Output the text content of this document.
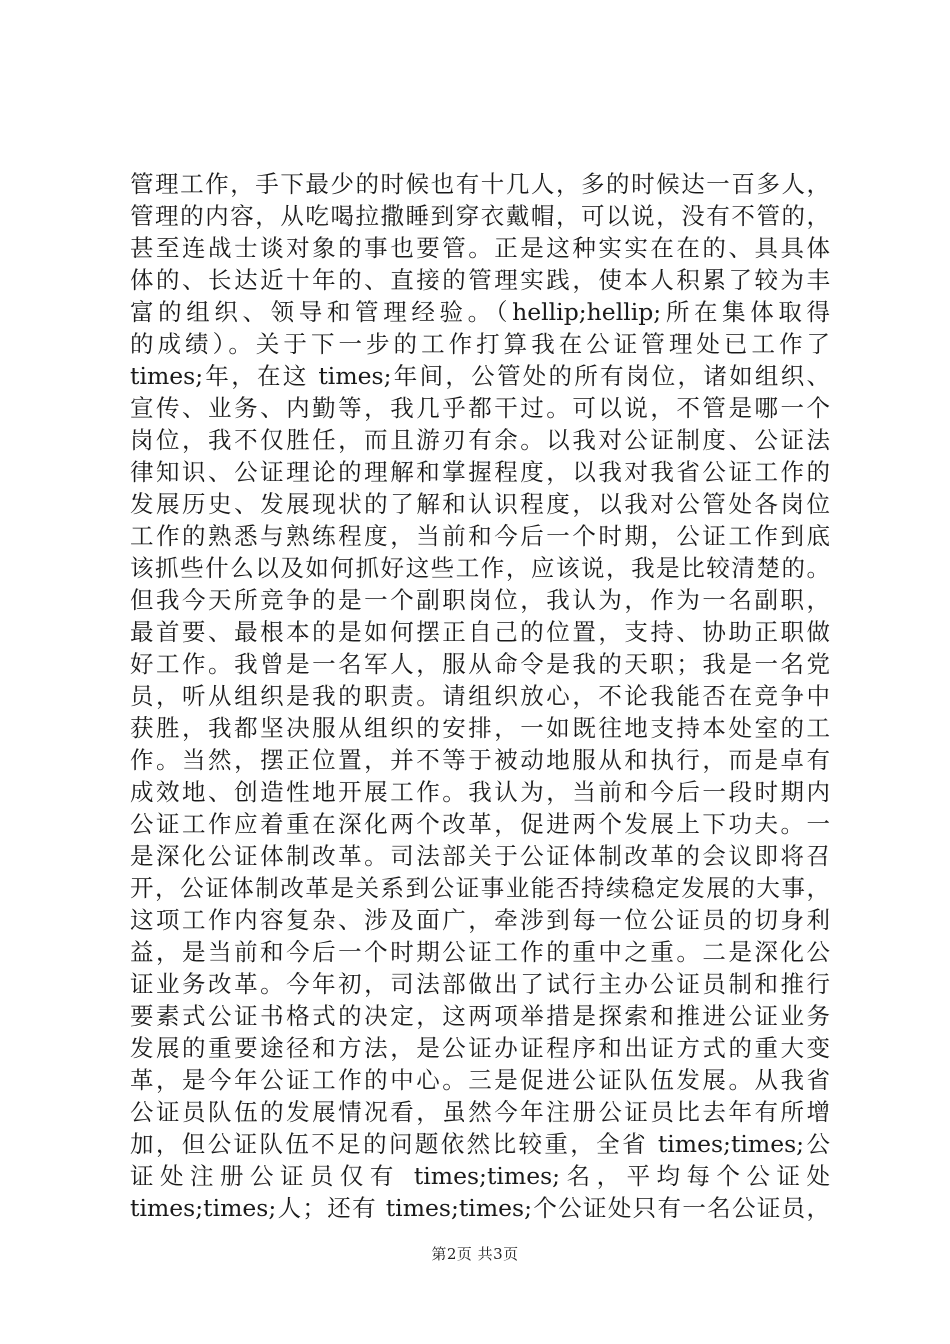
管理工作，手下最少的时候也有十几人，多的时候达一百多人，
管理的内容，从吃喝拉撒睡到穿衣戴帽，可以说，没有不管的，
甚至连战士谈对象的事也要管。正是这种实实在在的、具具体
体的、长达近十年的、直接的管理实践，使本人积累了较为丰
富的组织、领导和管理经验。（hellip;hellip;所在集体取得
的成绩）。关于下一步的工作打算我在公证管理处已工作了
times;年，在这 times;年间，公管处的所有岗位，诸如组织、
宣传、业务、内勤等，我几乎都干过。可以说，不管是哪一个
岗位，我不仅胜任，而且游刃有余。以我对公证制度、公证法
律知识、公证理论的理解和掌握程度，以我对我省公证工作的
发展历史、发展现状的了解和认识程度，以我对公管处各岗位
工作的熟悉与熟练程度，当前和今后一个时期，公证工作到底
该抓些什么以及如何抓好这些工作，应该说，我是比较清楚的。
但我今天所竞争的是一个副职岗位，我认为，作为一名副职，
最首要、最根本的是如何摆正自己的位置，支持、协助正职做
好工作。我曾是一名军人，服从命令是我的天职；我是一名党
员，听从组织是我的职责。请组织放心，不论我能否在竞争中
获胜，我都坚决服从组织的安排，一如既往地支持本处室的工
作。当然，摆正位置，并不等于被动地服从和执行，而是卓有
成效地、创造性地开展工作。我认为，当前和今后一段时期内
公证工作应着重在深化两个改革，促进两个发展上下功夫。一
是深化公证体制改革。司法部关于公证体制改革的会议即将召
开，公证体制改革是关系到公证事业能否持续稳定发展的大事，
这项工作内容复杂、涉及面广，牵涉到每一位公证员的切身利
益，是当前和今后一个时期公证工作的重中之重。二是深化公
证业务改革。今年初，司法部做出了试行主办公证员制和推行
要素式公证书格式的决定，这两项举措是探索和推进公证业务
发展的重要途径和方法，是公证办证程序和出证方式的重大变
革，是今年公证工作的中心。三是促进公证队伍发展。从我省
公证员队伍的发展情况看，虽然今年注册公证员比去年有所增
加，但公证队伍不足的问题依然比较重，全省 times;times;公
证处注册公证员仅有 times;times;名，平均每个公证处
times;times;人；还有 times;times;个公证处只有一名公证员，
第2页 共3页
